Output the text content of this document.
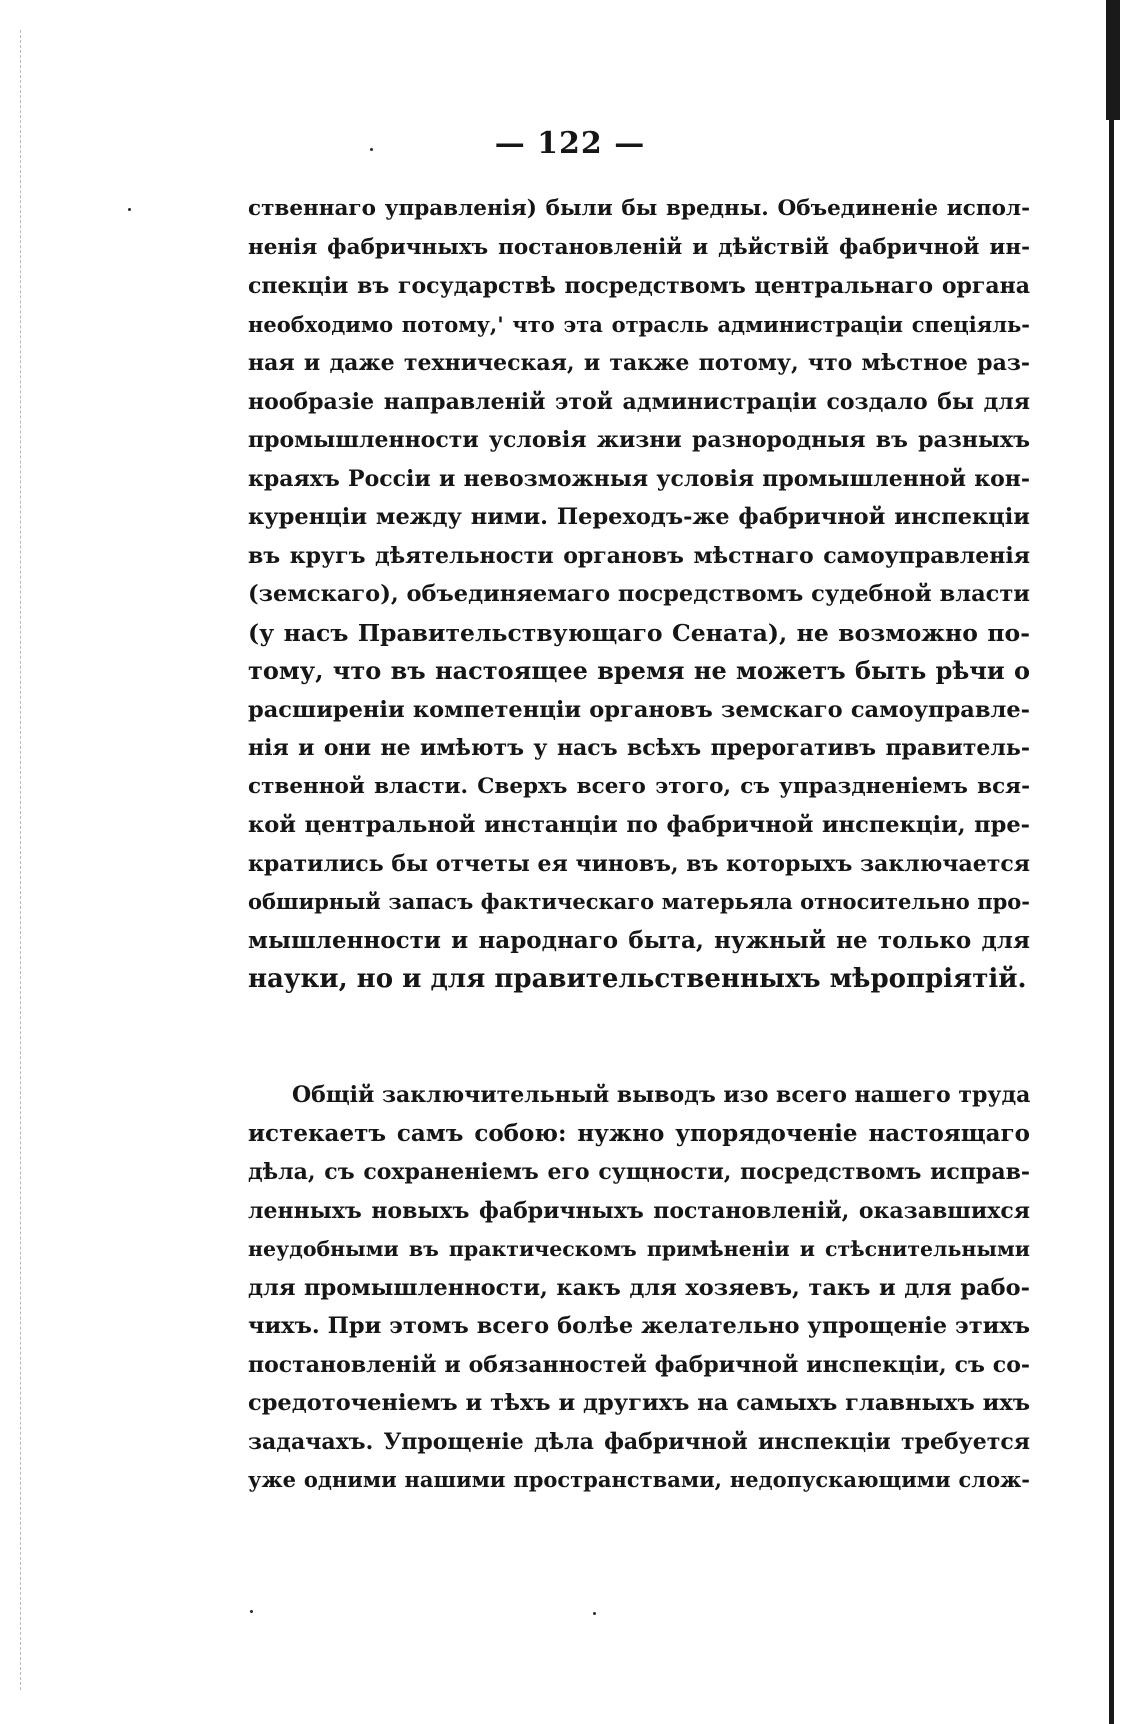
— 122 —
ственнаго управленія) были бы вредны. Объединеніе испол-
ненія фабричныхъ постановленій и дѣйствій фабричной ин-
спекціи въ государствѣ посредствомъ центральнаго органа
необходимо потому,' что эта отрасль администраціи спеціяль-
ная и даже техническая, и также потому, что мѣстное раз-
нообразіе направленій этой администраціи создало бы для
промышленности условія жизни разнородныя въ разныхъ
краяхъ Россіи и невозможныя условія промышленной кон-
куренціи между ними. Переходъ-же фабричной инспекціи
въ кругъ дѣятельности органовъ мѣстнаго самоуправленія
(земскаго), объединяемаго посредствомъ судебной власти
(у насъ Правительствующаго Сената), не возможно по-
тому, что въ настоящее время не можетъ быть рѣчи о
расширеніи компетенціи органовъ земскаго самоуправле-
нія и они не имѣютъ у насъ всѣхъ прерогативъ правитель-
ственной власти. Сверхъ всего этого, съ упраздненіемъ вся-
кой центральной инстанціи по фабричной инспекціи, пре-
кратились бы отчеты ея чиновъ, въ которыхъ заключается
обширный запасъ фактическаго матерьяла относительно про-
мышленности и народнаго быта, нужный не только для
науки, но и для правительственныхъ мѣропріятій.
Общій заключительный выводъ изо всего нашего труда
истекаетъ самъ собою: нужно упорядоченіе настоящаго
дѣла, съ сохраненіемъ его сущности, посредствомъ исправ-
ленныхъ новыхъ фабричныхъ постановленій, оказавшихся
неудобными въ практическомъ примѣненіи и стѣснительными
для промышленности, какъ для хозяевъ, такъ и для рабо-
чихъ. При этомъ всего болѣе желательно упрощеніе этихъ
постановленій и обязанностей фабричной инспекціи, съ со-
средоточеніемъ и тѣхъ и другихъ на самыхъ главныхъ ихъ
задачахъ. Упрощеніе дѣла фабричной инспекціи требуется
уже одними нашими пространствами, недопускающими слож-
